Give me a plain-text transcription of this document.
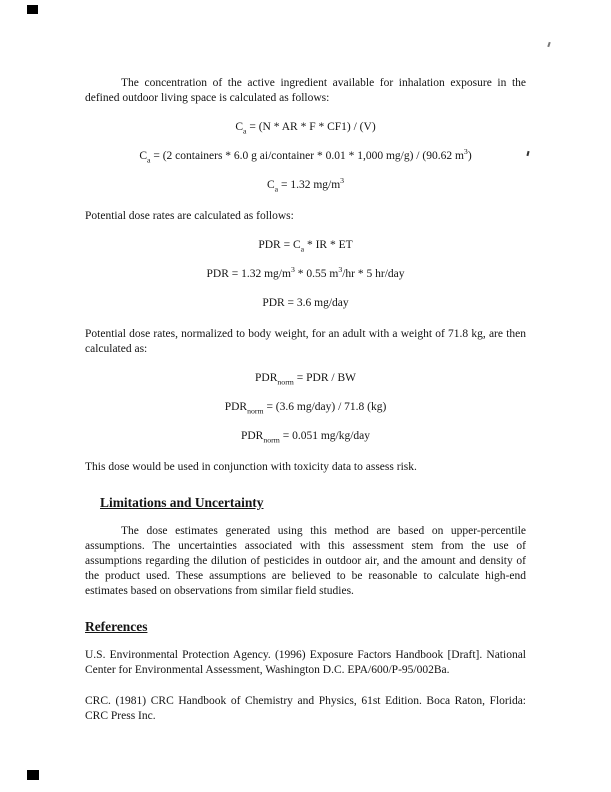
The concentration of the active ingredient available for inhalation exposure in the defined outdoor living space is calculated as follows:

$C_a = (N$ * AR * F * CF1) / (V)
$C_a = (2$ containers * 6.0 g ai/container * 0.01 * 1,000 mg/g) / (90.62 $m^3$)
$C_a = 1.32$ $mg/m^3$

Potential dose rates are calculated as follows:

PDR = $C_a$ * IR * ET
PDR = 1.32 $mg/m^3 * 0.55$ $m^3/hr * 5$ hr/day
PDR = 3.6 mg/day

Potential dose rates, normalized to body weight, for an adult with a weight of 71.8 kg, are then calculated as:

$PDR_{norm}$ = PDR / BW
$PDR_{norm} = (3.6$ mg/day) / 71.8 (kg)
$PDR_{norm} = 0.051$ mg/kg/day

This dose would be used in conjunction with toxicity data to assess risk.

Limitations and Uncertainty

The dose estimates generated using this method are based on upper-percentile assumptions. The uncertainties associated with this assessment stem from the use of assumptions regarding the dilution of pesticides in outdoor air, and the amount and density of the product used. These assumptions are believed to be reasonable to calculate high-end estimates based on observations from similar field studies.

References

U.S. Environmental Protection Agency. (1996) Exposure Factors Handbook [Draft]. National Center for Environmental Assessment, Washington D.C. EPA/600/P-95/002Ba.

CRC. (1981) CRC Handbook of Chemistry and Physics, 61st Edition. Boca Raton, Florida: CRC Press Inc.
